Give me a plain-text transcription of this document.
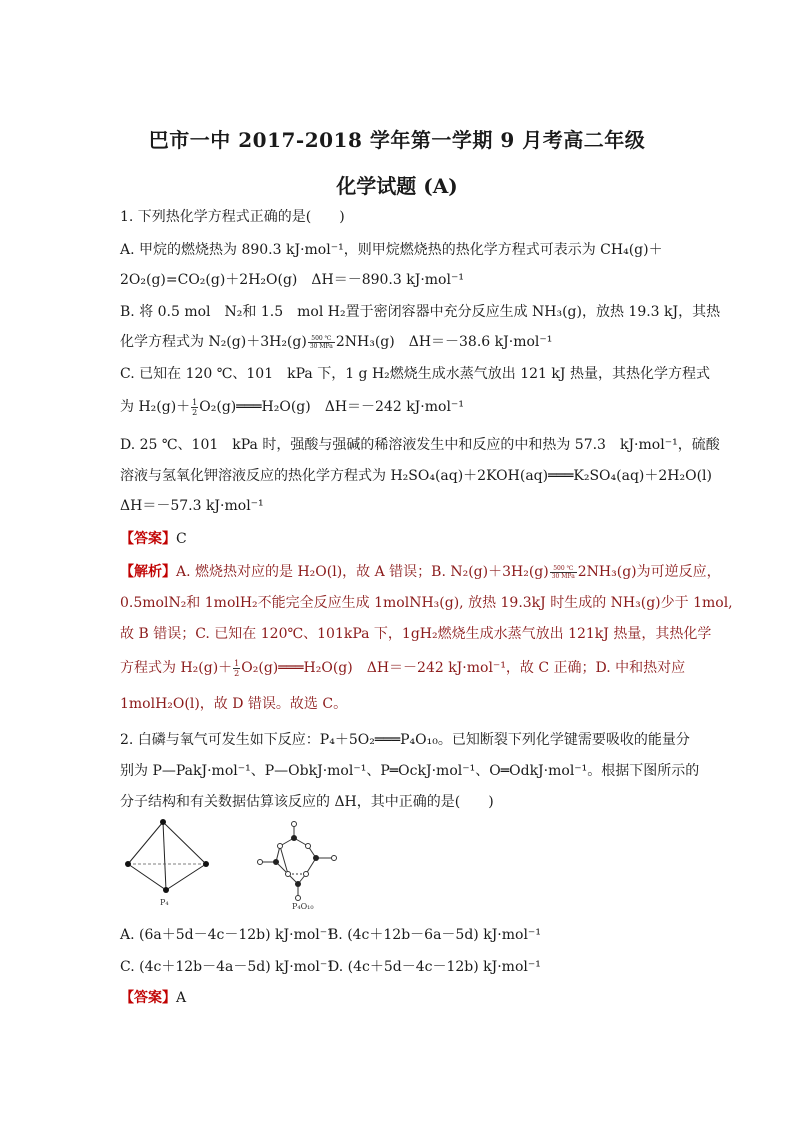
巴市一中 2017-2018 学年第一学期 9 月考高二年级
化学试题 (A)
1. 下列热化学方程式正确的是(　　)
A. 甲烷的燃烧热为 890.3 kJ·mol⁻¹，则甲烷燃烧热的热化学方程式可表示为 CH₄(g)＋
2O₂(g)=CO₂(g)＋2H₂O(g)　ΔH＝－890.3 kJ·mol⁻¹
B. 将 0.5 mol　N₂和 1.5　mol H₂置于密闭容器中充分反应生成 NH₃(g)，放热 19.3 kJ，其热
化学方程式为 N₂(g)＋3H₂(g) 500 ℃
30 MPa 2NH₃(g)　ΔH＝－38.6 kJ·mol⁻¹
C. 已知在 120 ℃、101　kPa 下，1 g H₂燃烧生成水蒸气放出 121 kJ 热量，其热化学方程式
为 $H_2(g)+ \frac{1}{2}$ O₂(g)═══H₂O(g)　ΔH＝－242 kJ·mol⁻¹
D. 25 ℃、101　kPa 时，强酸与强碱的稀溶液发生中和反应的中和热为 57.3　kJ·mol⁻¹，硫酸
溶液与氢氧化钾溶液反应的热化学方程式为 H₂SO₄(aq)＋2KOH(aq)═══K₂SO₄(aq)＋2H₂O(l)
ΔH＝－57.3 kJ·mol⁻¹
【答案】C
【解析】A. 燃烧热对应的是 H₂O(l)，故 A 错误；B. N₂(g)＋3H₂(g) 500 ℃
30 MPa 2NH₃(g)为可逆反应，
0.5molN₂和 1molH₂不能完全反应生成 1molNH₃(g), 放热 19.3kJ 时生成的 NH₃(g)少于 1mol,
故 B 错误；C. 已知在 120℃、101kPa 下，1gH₂燃烧生成水蒸气放出 121kJ 热量，其热化学
方程式为 $H_2(g)+ \frac{1}{2}$ O₂(g)═══H₂O(g)　ΔH＝－242 kJ·mol⁻¹，故 C 正确；D. 中和热对应
1molH₂O(l)，故 D 错误。故选 C。
2. 白磷与氧气可发生如下反应：P₄＋5O₂═══P₄O₁₀。已知断裂下列化学键需要吸收的能量分
别为 P—PakJ·mol⁻¹、P—ObkJ·mol⁻¹、P═OckJ·mol⁻¹、O═OdkJ·mol⁻¹。根据下图所示的
分子结构和有关数据估算该反应的 ΔH，其中正确的是(　　)
P₄	P₄O₁₀
A. (6a＋5d－4c－12b) kJ·mol⁻¹
B. (4c＋12b－6a－5d) kJ·mol⁻¹
C. (4c＋12b－4a－5d) kJ·mol⁻¹
D. (4c＋5d－4c－12b) kJ·mol⁻¹
【答案】A
